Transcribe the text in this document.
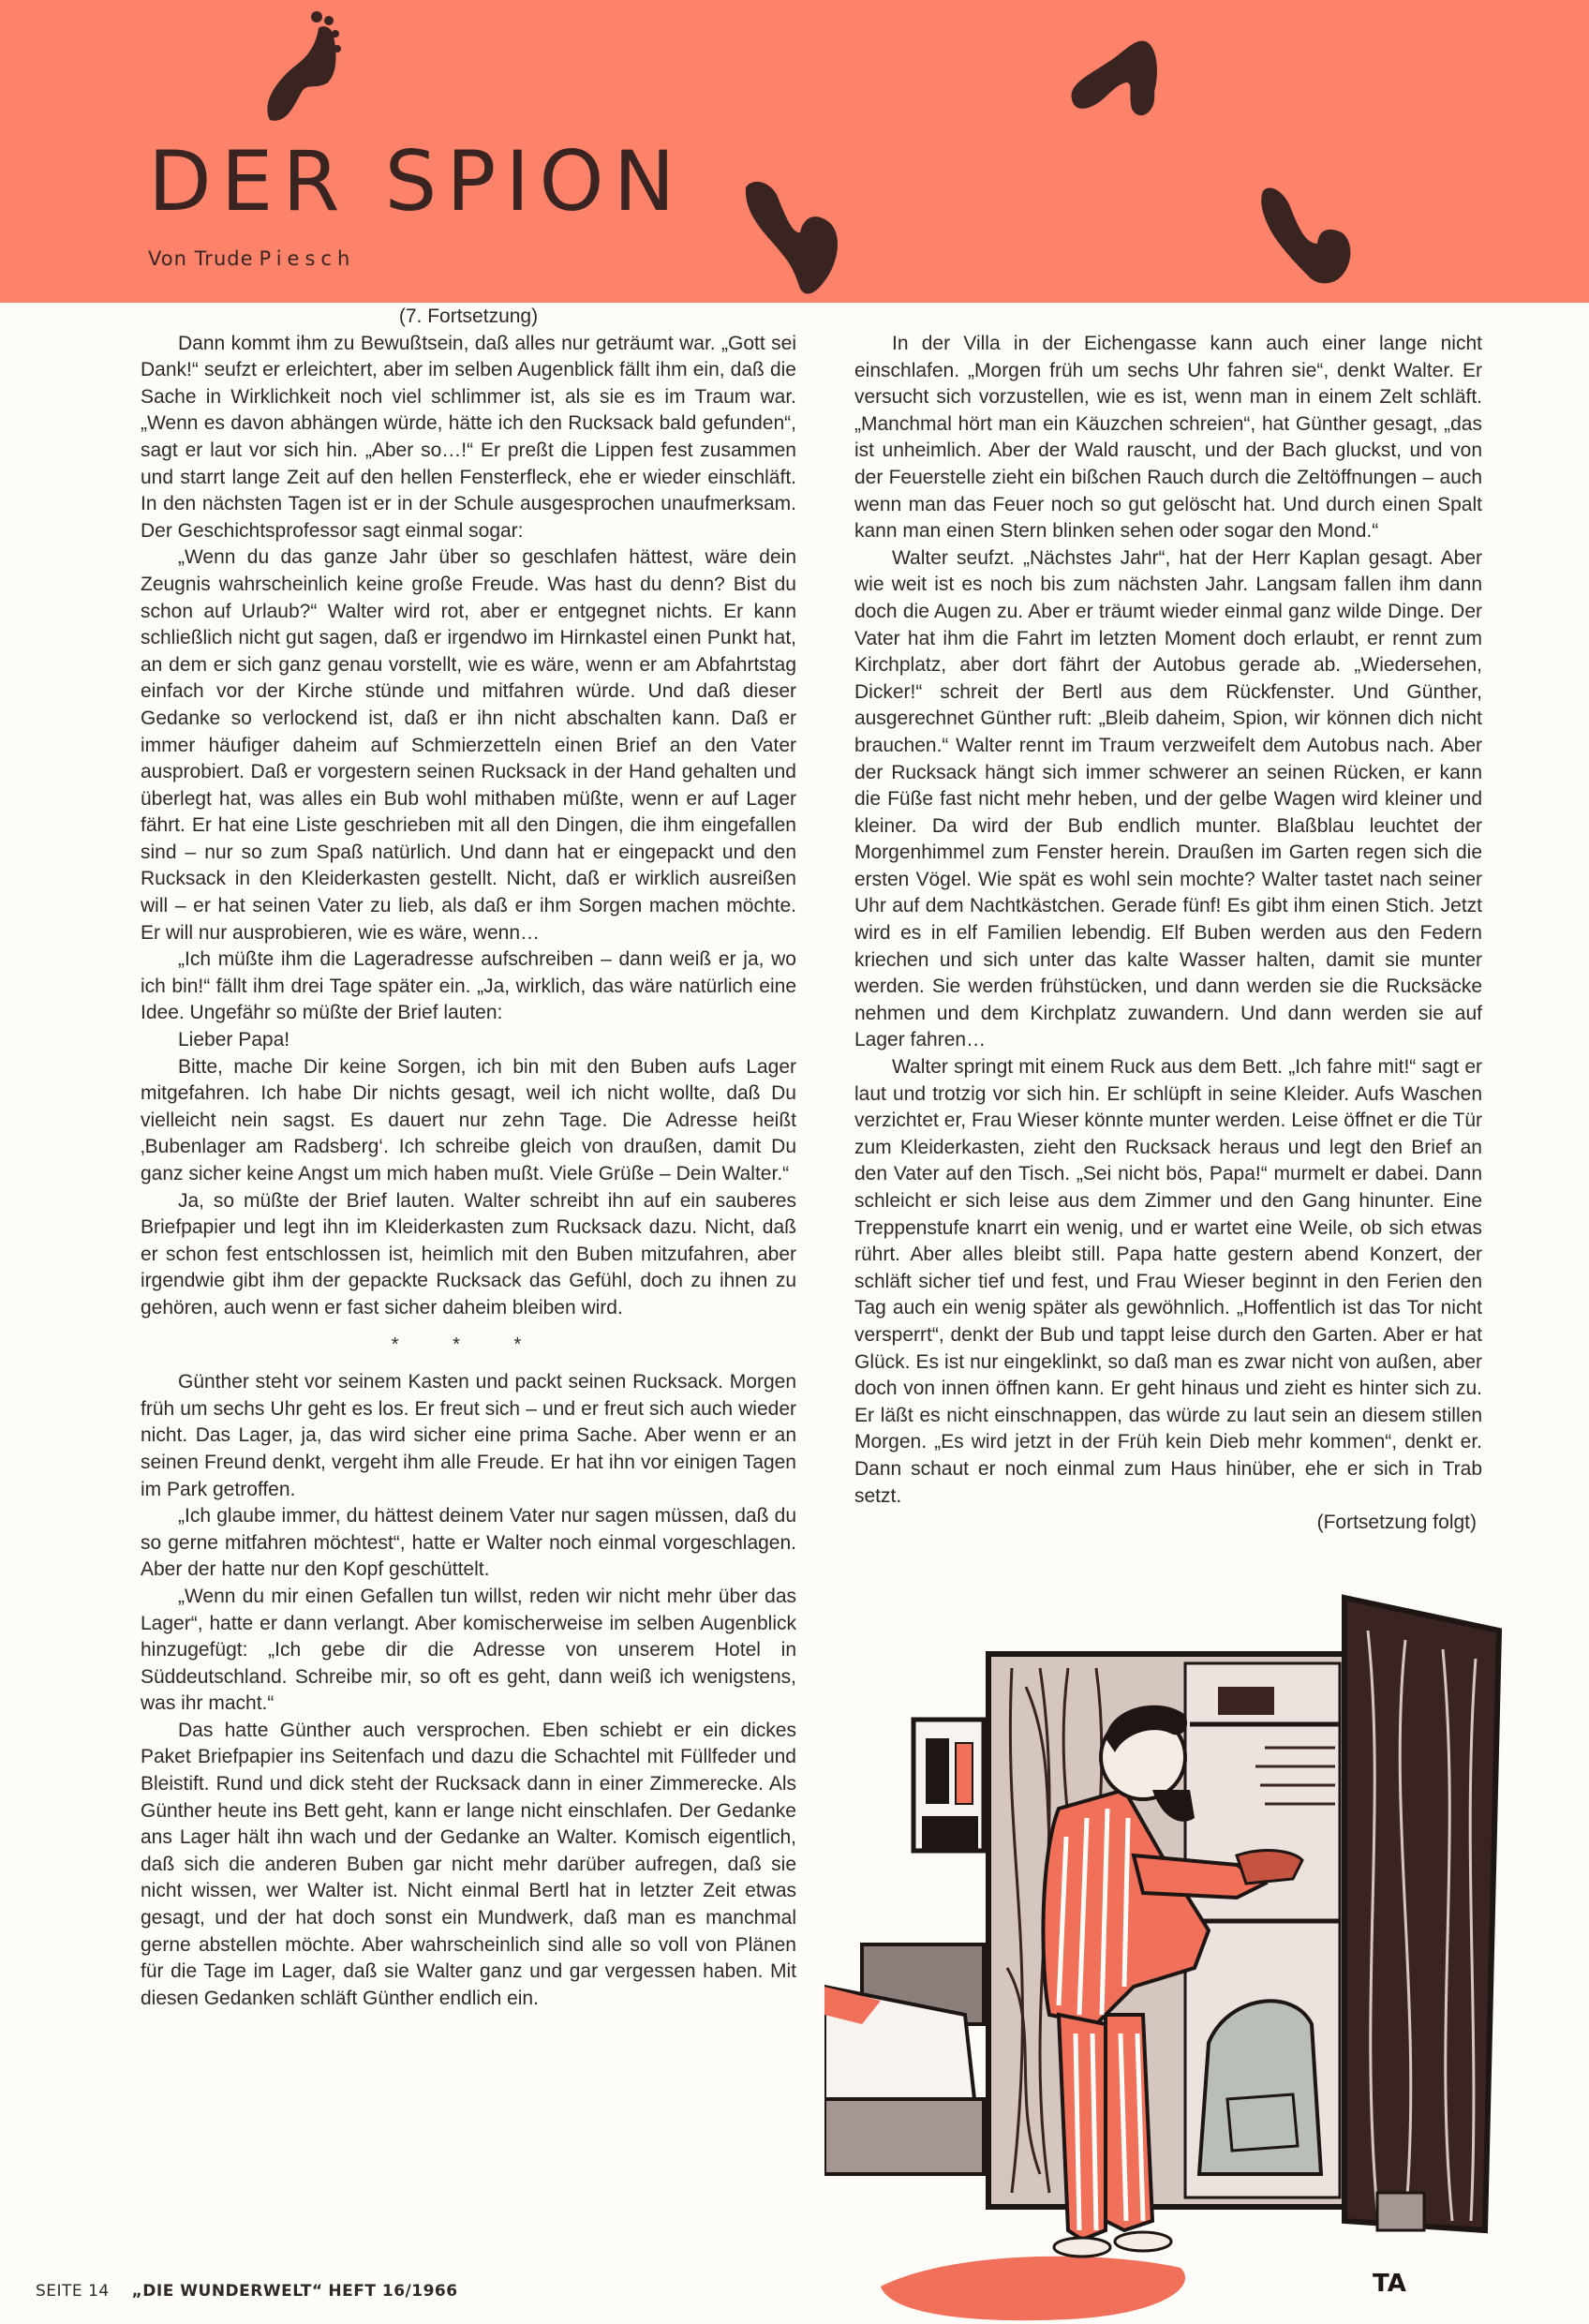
DER SPION
Von Trude Piesch
(7. Fortsetzung)

Dann kommt ihm zu Bewußtsein, daß alles nur geträumt war. „Gott sei Dank!“ seufzt er erleichtert, aber im selben Augenblick fällt ihm ein, daß die Sache in Wirklichkeit noch viel schlimmer ist, als sie es im Traum war. „Wenn es davon abhängen würde, hätte ich den Rucksack bald gefunden“, sagt er laut vor sich hin. „Aber so…!“ Er preßt die Lippen fest zusammen und starrt lange Zeit auf den hellen Fensterfleck, ehe er wieder einschläft. In den nächsten Tagen ist er in der Schule ausgesprochen unaufmerksam. Der Geschichtsprofessor sagt einmal sogar:

„Wenn du das ganze Jahr über so geschlafen hättest, wäre dein Zeugnis wahrscheinlich keine große Freude. Was hast du denn? Bist du schon auf Urlaub?“ Walter wird rot, aber er entgegnet nichts. Er kann schließlich nicht gut sagen, daß er irgendwo im Hirnkastel einen Punkt hat, an dem er sich ganz genau vorstellt, wie es wäre, wenn er am Abfahrtstag einfach vor der Kirche stünde und mitfahren würde. Und daß dieser Gedanke so verlockend ist, daß er ihn nicht abschalten kann. Daß er immer häufiger daheim auf Schmierzetteln einen Brief an den Vater ausprobiert. Daß er vorgestern seinen Rucksack in der Hand gehalten und überlegt hat, was alles ein Bub wohl mithaben müßte, wenn er auf Lager fährt. Er hat eine Liste geschrieben mit all den Dingen, die ihm eingefallen sind – nur so zum Spaß natürlich. Und dann hat er eingepackt und den Rucksack in den Kleiderkasten gestellt. Nicht, daß er wirklich ausreißen will – er hat seinen Vater zu lieb, als daß er ihm Sorgen machen möchte. Er will nur ausprobieren, wie es wäre, wenn…

„Ich müßte ihm die Lageradresse aufschreiben – dann weiß er ja, wo ich bin!“ fällt ihm drei Tage später ein. „Ja, wirklich, das wäre natürlich eine Idee. Ungefähr so müßte der Brief lauten:

Lieber Papa!

Bitte, mache Dir keine Sorgen, ich bin mit den Buben aufs Lager mitgefahren. Ich habe Dir nichts gesagt, weil ich nicht wollte, daß Du vielleicht nein sagst. Es dauert nur zehn Tage. Die Adresse heißt ‚Bubenlager am Radsberg‘. Ich schreibe gleich von draußen, damit Du ganz sicher keine Angst um mich haben mußt. Viele Grüße – Dein Walter.“

Ja, so müßte der Brief lauten. Walter schreibt ihn auf ein sauberes Briefpapier und legt ihn im Kleiderkasten zum Rucksack dazu. Nicht, daß er schon fest entschlossen ist, heimlich mit den Buben mitzufahren, aber irgendwie gibt ihm der gepackte Rucksack das Gefühl, doch zu ihnen zu gehören, auch wenn er fast sicher daheim bleiben wird.

* * *

Günther steht vor seinem Kasten und packt seinen Rucksack. Morgen früh um sechs Uhr geht es los. Er freut sich – und er freut sich auch wieder nicht. Das Lager, ja, das wird sicher eine prima Sache. Aber wenn er an seinen Freund denkt, vergeht ihm alle Freude. Er hat ihn vor einigen Tagen im Park getroffen.

„Ich glaube immer, du hättest deinem Vater nur sagen müssen, daß du so gerne mitfahren möchtest“, hatte er Walter noch einmal vorgeschlagen. Aber der hatte nur den Kopf geschüttelt.

„Wenn du mir einen Gefallen tun willst, reden wir nicht mehr über das Lager“, hatte er dann verlangt. Aber komischerweise im selben Augenblick hinzugefügt: „Ich gebe dir die Adresse von unserem Hotel in Süddeutschland. Schreibe mir, so oft es geht, dann weiß ich wenigstens, was ihr macht.“

Das hatte Günther auch versprochen. Eben schiebt er ein dickes Paket Briefpapier ins Seitenfach und dazu die Schachtel mit Füllfeder und Bleistift. Rund und dick steht der Rucksack dann in einer Zimmerecke. Als Günther heute ins Bett geht, kann er lange nicht einschlafen. Der Gedanke ans Lager hält ihn wach und der Gedanke an Walter. Komisch eigentlich, daß sich die anderen Buben gar nicht mehr darüber aufregen, daß sie nicht wissen, wer Walter ist. Nicht einmal Bertl hat in letzter Zeit etwas gesagt, und der hat doch sonst ein Mundwerk, daß man es manchmal gerne abstellen möchte. Aber wahrscheinlich sind alle so voll von Plänen für die Tage im Lager, daß sie Walter ganz und gar vergessen haben. Mit diesen Gedanken schläft Günther endlich ein.

In der Villa in der Eichengasse kann auch einer lange nicht einschlafen. „Morgen früh um sechs Uhr fahren sie“, denkt Walter. Er versucht sich vorzustellen, wie es ist, wenn man in einem Zelt schläft. „Manchmal hört man ein Käuzchen schreien“, hat Günther gesagt, „das ist unheimlich. Aber der Wald rauscht, und der Bach gluckst, und von der Feuerstelle zieht ein bißchen Rauch durch die Zeltöffnungen – auch wenn man das Feuer noch so gut gelöscht hat. Und durch einen Spalt kann man einen Stern blinken sehen oder sogar den Mond.“

Walter seufzt. „Nächstes Jahr“, hat der Herr Kaplan gesagt. Aber wie weit ist es noch bis zum nächsten Jahr. Langsam fallen ihm dann doch die Augen zu. Aber er träumt wieder einmal ganz wilde Dinge. Der Vater hat ihm die Fahrt im letzten Moment doch erlaubt, er rennt zum Kirchplatz, aber dort fährt der Autobus gerade ab. „Wiedersehen, Dicker!“ schreit der Bertl aus dem Rückfenster. Und Günther, ausgerechnet Günther ruft: „Bleib daheim, Spion, wir können dich nicht brauchen.“ Walter rennt im Traum verzweifelt dem Autobus nach. Aber der Rucksack hängt sich immer schwerer an seinen Rücken, er kann die Füße fast nicht mehr heben, und der gelbe Wagen wird kleiner und kleiner. Da wird der Bub endlich munter. Blaßblau leuchtet der Morgenhimmel zum Fenster herein. Draußen im Garten regen sich die ersten Vögel. Wie spät es wohl sein mochte? Walter tastet nach seiner Uhr auf dem Nachtkästchen. Gerade fünf! Es gibt ihm einen Stich. Jetzt wird es in elf Familien lebendig. Elf Buben werden aus den Federn kriechen und sich unter das kalte Wasser halten, damit sie munter werden. Sie werden frühstücken, und dann werden sie die Rucksäcke nehmen und dem Kirchplatz zuwandern. Und dann werden sie auf Lager fahren…

Walter springt mit einem Ruck aus dem Bett. „Ich fahre mit!“ sagt er laut und trotzig vor sich hin. Er schlüpft in seine Kleider. Aufs Waschen verzichtet er, Frau Wieser könnte munter werden. Leise öffnet er die Tür zum Kleiderkasten, zieht den Rucksack heraus und legt den Brief an den Vater auf den Tisch. „Sei nicht bös, Papa!“ murmelt er dabei. Dann schleicht er sich leise aus dem Zimmer und den Gang hinunter. Eine Treppenstufe knarrt ein wenig, und er wartet eine Weile, ob sich etwas rührt. Aber alles bleibt still. Papa hatte gestern abend Konzert, der schläft sicher tief und fest, und Frau Wieser beginnt in den Ferien den Tag auch ein wenig später als gewöhnlich. „Hoffentlich ist das Tor nicht versperrt“, denkt der Bub und tappt leise durch den Garten. Aber er hat Glück. Es ist nur eingeklinkt, so daß man es zwar nicht von außen, aber doch von innen öffnen kann. Er geht hinaus und zieht es hinter sich zu. Er läßt es nicht einschnappen, das würde zu laut sein an diesem stillen Morgen. „Es wird jetzt in der Früh kein Dieb mehr kommen“, denkt er. Dann schaut er noch einmal zum Haus hinüber, ehe er sich in Trab setzt.

(Fortsetzung folgt)
TA
SEITE 14 „DIE WUNDERWELT“ HEFT 16/1966
